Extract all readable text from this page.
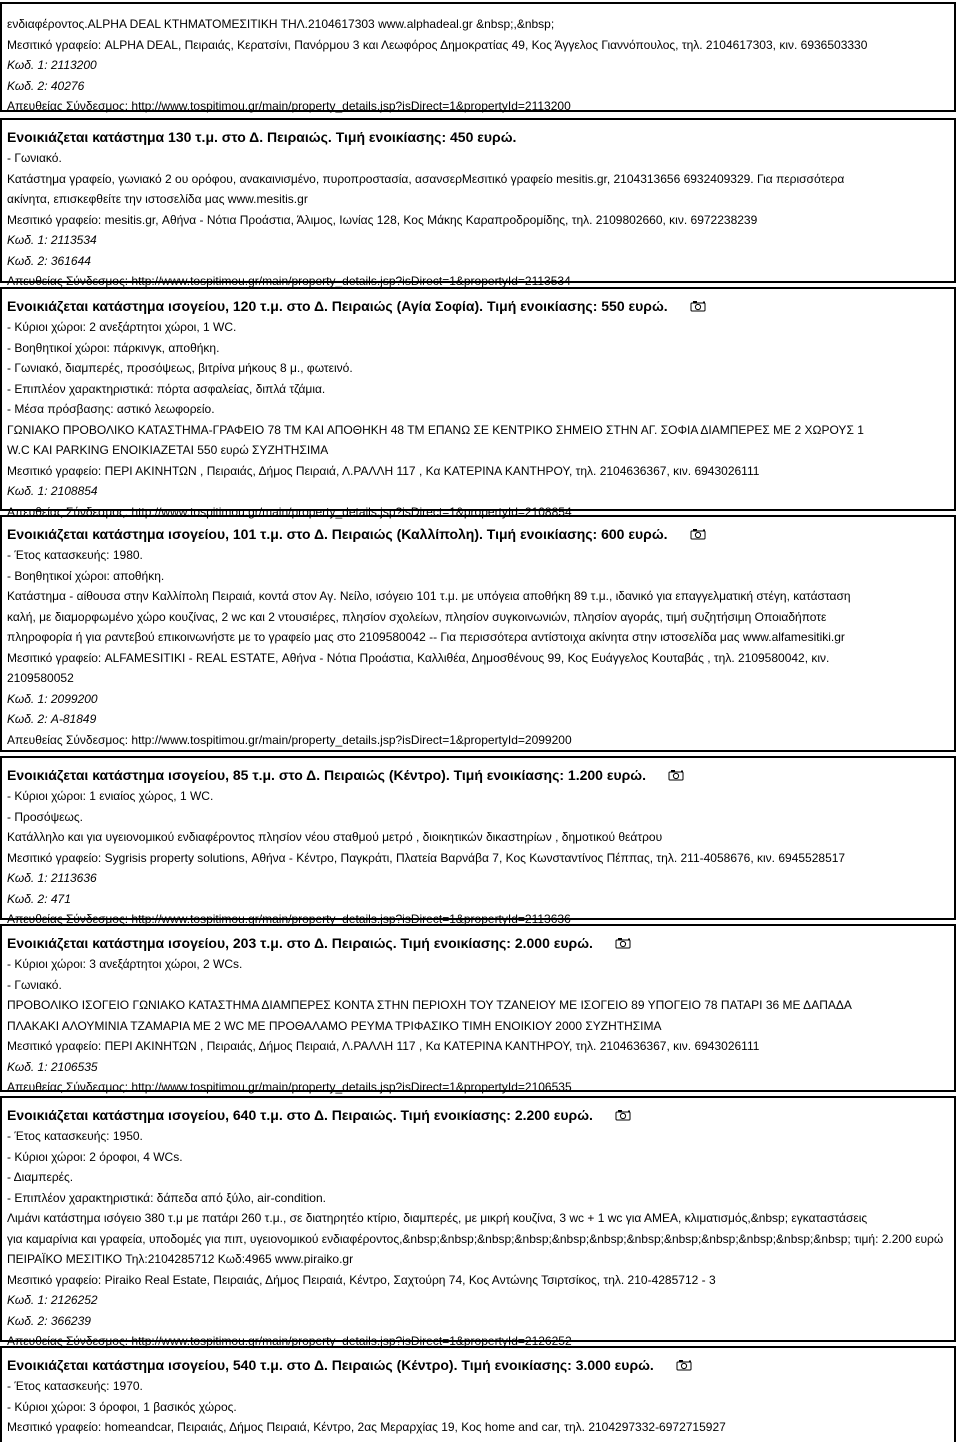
ενδιαφέροντος.ALPHA DEAL ΚΤΗΜΑΤΟΜΕΣΙΤΙΚΗ ΤΗΛ.2104617303 www.alphadeal.gr &nbsp;,&nbsp;
Μεσιτικό γραφείο: ALPHA DEAL, Πειραιάς, Κερατσίνι, Πανόρμου 3 και Λεωφόρος Δημοκρατίας 49, Κος Άγγελος Γιαννόπουλος, τηλ. 2104617303, κιν. 6936503330
Κωδ. 1: 2113200
Κωδ. 2: 40276
Απευθείας Σύνδεσμος: http://www.tospitimou.gr/main/property_details.jsp?isDirect=1&propertyId=2113200
Ενοικιάζεται κατάστημα 130 τ.μ. στο Δ. Πειραιώς. Τιμή ενοικίασης: 450 ευρώ.
- Γωνιακό.
Κατάστημα γραφείο, γωνιακό 2 ου ορόφου, ανακαινισμένο, πυροπροστασία, ασανσερΜεσιτικό γραφείο mesitis.gr, 2104313656 6932409329. Για περισσότερα
ακίνητα, επισκεφθείτε την ιστοσελίδα μας www.mesitis.gr
Μεσιτικό γραφείο: mesitis.gr, Αθήνα - Νότια Προάστια, Άλιμος, Ιωνίας 128, Κος Μάκης Καραπροδρομίδης, τηλ. 2109802660, κιν. 6972238239
Κωδ. 1: 2113534
Κωδ. 2: 361644
Απευθείας Σύνδεσμος: http://www.tospitimou.gr/main/property_details.jsp?isDirect=1&propertyId=2113534
Ενοικιάζεται κατάστημα ισογείου, 120 τ.μ. στο Δ. Πειραιώς (Αγία Σοφία). Τιμή ενοικίασης: 550 ευρώ.
- Κύριοι χώροι: 2 ανεξάρτητοι χώροι, 1 WC.
- Βοηθητικοί χώροι: πάρκινγκ, αποθήκη.
- Γωνιακό, διαμπερές, προσόψεως, βιτρίνα μήκους 8 μ., φωτεινό.
- Επιπλέον χαρακτηριστικά: πόρτα ασφαλείας, διπλά τζάμια.
- Μέσα πρόσβασης: αστικό λεωφορείο.
ΓΩΝΙΑΚΟ ΠΡΟΒΟΛΙΚΟ ΚΑΤΑΣΤΗΜΑ-ΓΡΑΦΕΙΟ 78 ΤΜ ΚΑΙ ΑΠΟΘΗΚΗ 48 ΤΜ ΕΠΑΝΩ ΣΕ ΚΕΝΤΡΙΚΟ ΣΗΜΕΙΟ ΣΤΗΝ ΑΓ. ΣΟΦΙΑ ΔΙΑΜΠΕΡΕΣ ΜΕ 2 ΧΩΡΟΥΣ 1
W.C ΚΑΙ PARKING ΕΝΟΙΚΙΑΖΕΤΑΙ 550 ευρώ ΣΥΖΗΤΗΣΙΜΑ
Μεσιτικό γραφείο: ΠΕΡΙ ΑΚΙΝΗΤΩΝ , Πειραιάς, Δήμος Πειραιά, Λ.ΡΑΛΛΗ 117 , Κα ΚΑΤΕΡΙΝΑ ΚΑΝΤΗΡΟΥ, τηλ. 2104636367, κιν. 6943026111
Κωδ. 1: 2108854
Απευθείας Σύνδεσμος: http://www.tospitimou.gr/main/property_details.jsp?isDirect=1&propertyId=2108854
Ενοικιάζεται κατάστημα ισογείου, 101 τ.μ. στο Δ. Πειραιώς (Καλλίπολη). Τιμή ενοικίασης: 600 ευρώ.
- Έτος κατασκευής: 1980.
- Βοηθητικοί χώροι: αποθήκη.
Κατάστημα - αίθουσα στην Καλλίπολη Πειραιά, κοντά στον Αγ. Νείλο, ισόγειο 101 τ.μ. με υπόγεια αποθήκη 89 τ.μ., ιδανικό για επαγγελματική στέγη, κατάσταση
καλή, με διαμορφωμένο χώρο κουζίνας, 2 wc και 2 ντουσιέρες, πλησίον σχολείων, πλησίον συγκοινωνιών, πλησίον αγοράς, τιμή συζητήσιμη Οποιαδήποτε
πληροφορία ή για ραντεβού επικοινωνήστε με το γραφείο μας στο 2109580042 -- Για περισσότερα αντίστοιχα ακίνητα στην ιστοσελίδα μας www.alfamesitiki.gr
Μεσιτικό γραφείο: ALFAMESITIKI - REAL ESTATE, Αθήνα - Νότια Προάστια, Καλλιθέα, Δημοσθένους 99, Κος Ευάγγελος Κουταβάς , τηλ. 2109580042, κιν.
2109580052
Κωδ. 1: 2099200
Κωδ. 2: A-81849
Απευθείας Σύνδεσμος: http://www.tospitimou.gr/main/property_details.jsp?isDirect=1&propertyId=2099200
Ενοικιάζεται κατάστημα ισογείου, 85 τ.μ. στο Δ. Πειραιώς (Κέντρο). Τιμή ενοικίασης: 1.200 ευρώ.
- Κύριοι χώροι: 1 ενιαίος χώρος, 1 WC.
- Προσόψεως.
Κατάλληλο και για υγειονομικού ενδιαφέροντος πλησίον νέου σταθμού μετρό , διοικητικών δικαστηρίων , δημοτικού θεάτρου
Μεσιτικό γραφείο: Sygrisis property solutions, Αθήνα - Κέντρο, Παγκράτι, Πλατεία Βαρνάβα 7, Κος Κωνσταντίνος Πέππας, τηλ. 211-4058676, κιν. 6945528517
Κωδ. 1: 2113636
Κωδ. 2: 471
Απευθείας Σύνδεσμος: http://www.tospitimou.gr/main/property_details.jsp?isDirect=1&propertyId=2113636
Ενοικιάζεται κατάστημα ισογείου, 203 τ.μ. στο Δ. Πειραιώς. Τιμή ενοικίασης: 2.000 ευρώ.
- Κύριοι χώροι: 3 ανεξάρτητοι χώροι, 2 WCs.
- Γωνιακό.
ΠΡΟΒΟΛΙΚΟ ΙΣΟΓΕΙΟ ΓΩΝΙΑΚΟ ΚΑΤΑΣΤΗΜΑ ΔΙΑΜΠΕΡΕΣ ΚΟΝΤΑ ΣΤΗΝ ΠΕΡΙΟΧΗ ΤΟΥ ΤΖΑΝΕΙΟΥ ΜΕ ΙΣΟΓΕΙΟ 89 ΥΠΟΓΕΙΟ 78 ΠΑΤΑΡΙ 36 ΜΕ ΔΑΠΑΔΑ
ΠΛΑΚΑΚΙ ΑΛΟΥΜΙΝΙΑ ΤΖΑΜΑΡΙΑ ΜΕ 2 WC ΜΕ ΠΡΟΘΑΛΑΜΟ ΡΕΥΜΑ ΤΡΙΦΑΣΙΚΟ ΤΙΜΗ ΕΝΟΙΚΙΟΥ 2000 ΣΥΖΗΤΗΣΙΜΑ
Μεσιτικό γραφείο: ΠΕΡΙ ΑΚΙΝΗΤΩΝ , Πειραιάς, Δήμος Πειραιά, Λ.ΡΑΛΛΗ 117 , Κα ΚΑΤΕΡΙΝΑ ΚΑΝΤΗΡΟΥ, τηλ. 2104636367, κιν. 6943026111
Κωδ. 1: 2106535
Απευθείας Σύνδεσμος: http://www.tospitimou.gr/main/property_details.jsp?isDirect=1&propertyId=2106535
Ενοικιάζεται κατάστημα ισογείου, 640 τ.μ. στο Δ. Πειραιώς. Τιμή ενοικίασης: 2.200 ευρώ.
- Έτος κατασκευής: 1950.
- Κύριοι χώροι: 2 όροφοι, 4 WCs.
- Διαμπερές.
- Επιπλέον χαρακτηριστικά: δάπεδα από ξύλο, air-condition.
Λιμάνι κατάστημα ισόγειο 380 τ.μ με πατάρι 260 τ.μ., σε διατηρητέο κτίριο, διαμπερές, με μικρή κουζίνα, 3 wc + 1 wc για ΑΜΕΑ, κλιματισμός,&nbsp; εγκαταστάσεις
για καμαρίνια και γραφεία, υποδομές για πιπ, υγειονομικού ενδιαφέροντος,&nbsp;&nbsp;&nbsp;&nbsp;&nbsp;&nbsp;&nbsp;&nbsp;&nbsp;&nbsp;&nbsp;&nbsp; τιμή: 2.200 ευρώ
ΠΕΙΡΑΪΚΟ ΜΕΣΙΤΙΚΟ Τηλ:2104285712 Κωδ:4965 www.piraiko.gr
Μεσιτικό γραφείο: Piraiko Real Estate, Πειραιάς, Δήμος Πειραιά, Κέντρο, Σαχτούρη 74, Κος Αντώνης Τσιρτσίκος, τηλ. 210-4285712 - 3
Κωδ. 1: 2126252
Κωδ. 2: 366239
Απευθείας Σύνδεσμος: http://www.tospitimou.gr/main/property_details.jsp?isDirect=1&propertyId=2126252
Ενοικιάζεται κατάστημα ισογείου, 540 τ.μ. στο Δ. Πειραιώς (Κέντρο). Τιμή ενοικίασης: 3.000 ευρώ.
- Έτος κατασκευής: 1970.
- Κύριοι χώροι: 3 όροφοι, 1 βασικός χώρος.
Μεσιτικό γραφείο: homeandcar, Πειραιάς, Δήμος Πειραιά, Κέντρο, 2ας Μεραρχίας 19, Κος home and car, τηλ. 2104297332-6972715927
